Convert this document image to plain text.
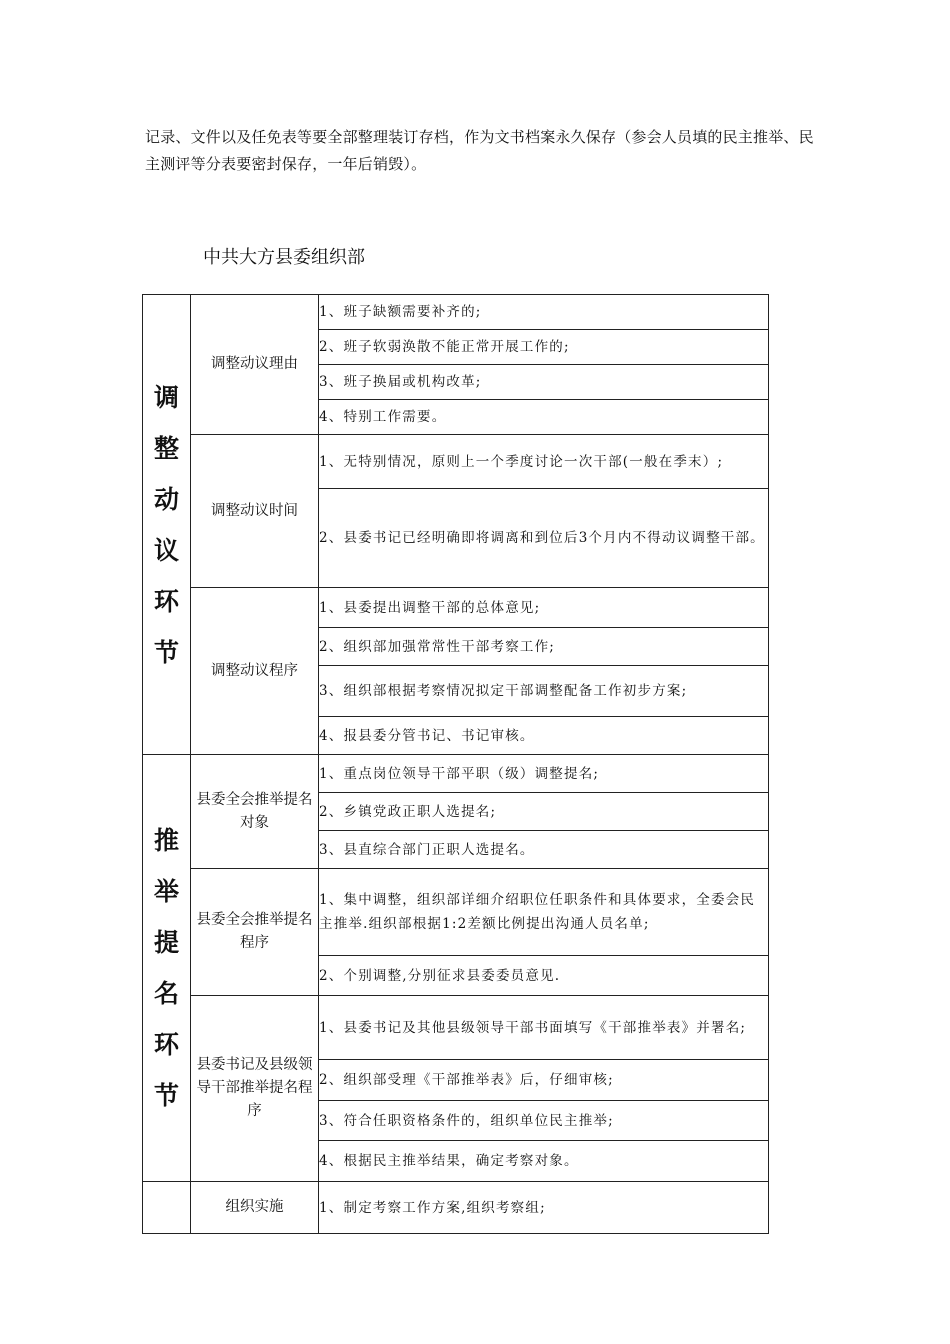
记录、文件以及任免表等要全部整理装订存档，作为文书档案永久保存（参会人员填的民主推举、民主测评等分表要密封保存，一年后销毁）。
中共大方县委组织部
调整动议环节	调整动议理由	1、班子缺额需要补齐的;
		2、班子软弱涣散不能正常开展工作的;
		3、班子换届或机构改革;
		4、特别工作需要。
	调整动议时间	1、无特别情况，原则上一个季度讨论一次干部(一般在季末）;
		2、县委书记已经明确即将调离和到位后3个月内不得动议调整干部。
	调整动议程序	1、县委提出调整干部的总体意见;
		2、组织部加强常常性干部考察工作;
		3、组织部根据考察情况拟定干部调整配备工作初步方案;
		4、报县委分管书记、书记审核。
推举提名环节	县委全会推举提名对象	1、重点岗位领导干部平职（级）调整提名;
		2、乡镇党政正职人选提名;
		3、县直综合部门正职人选提名。
	县委全会推举提名程序	1、集中调整，组织部详细介绍职位任职条件和具体要求，全委会民主推举.组织部根据1:2差额比例提出沟通人员名单;
		2、个别调整,分别征求县委委员意见.
	县委书记及县级领导干部推举提名程序	1、县委书记及其他县级领导干部书面填写《干部推举表》并署名;
		2、组织部受理《干部推举表》后，仔细审核;
		3、符合任职资格条件的，组织单位民主推举;
		4、根据民主推举结果，确定考察对象。
	组织实施	1、制定考察工作方案,组织考察组;
